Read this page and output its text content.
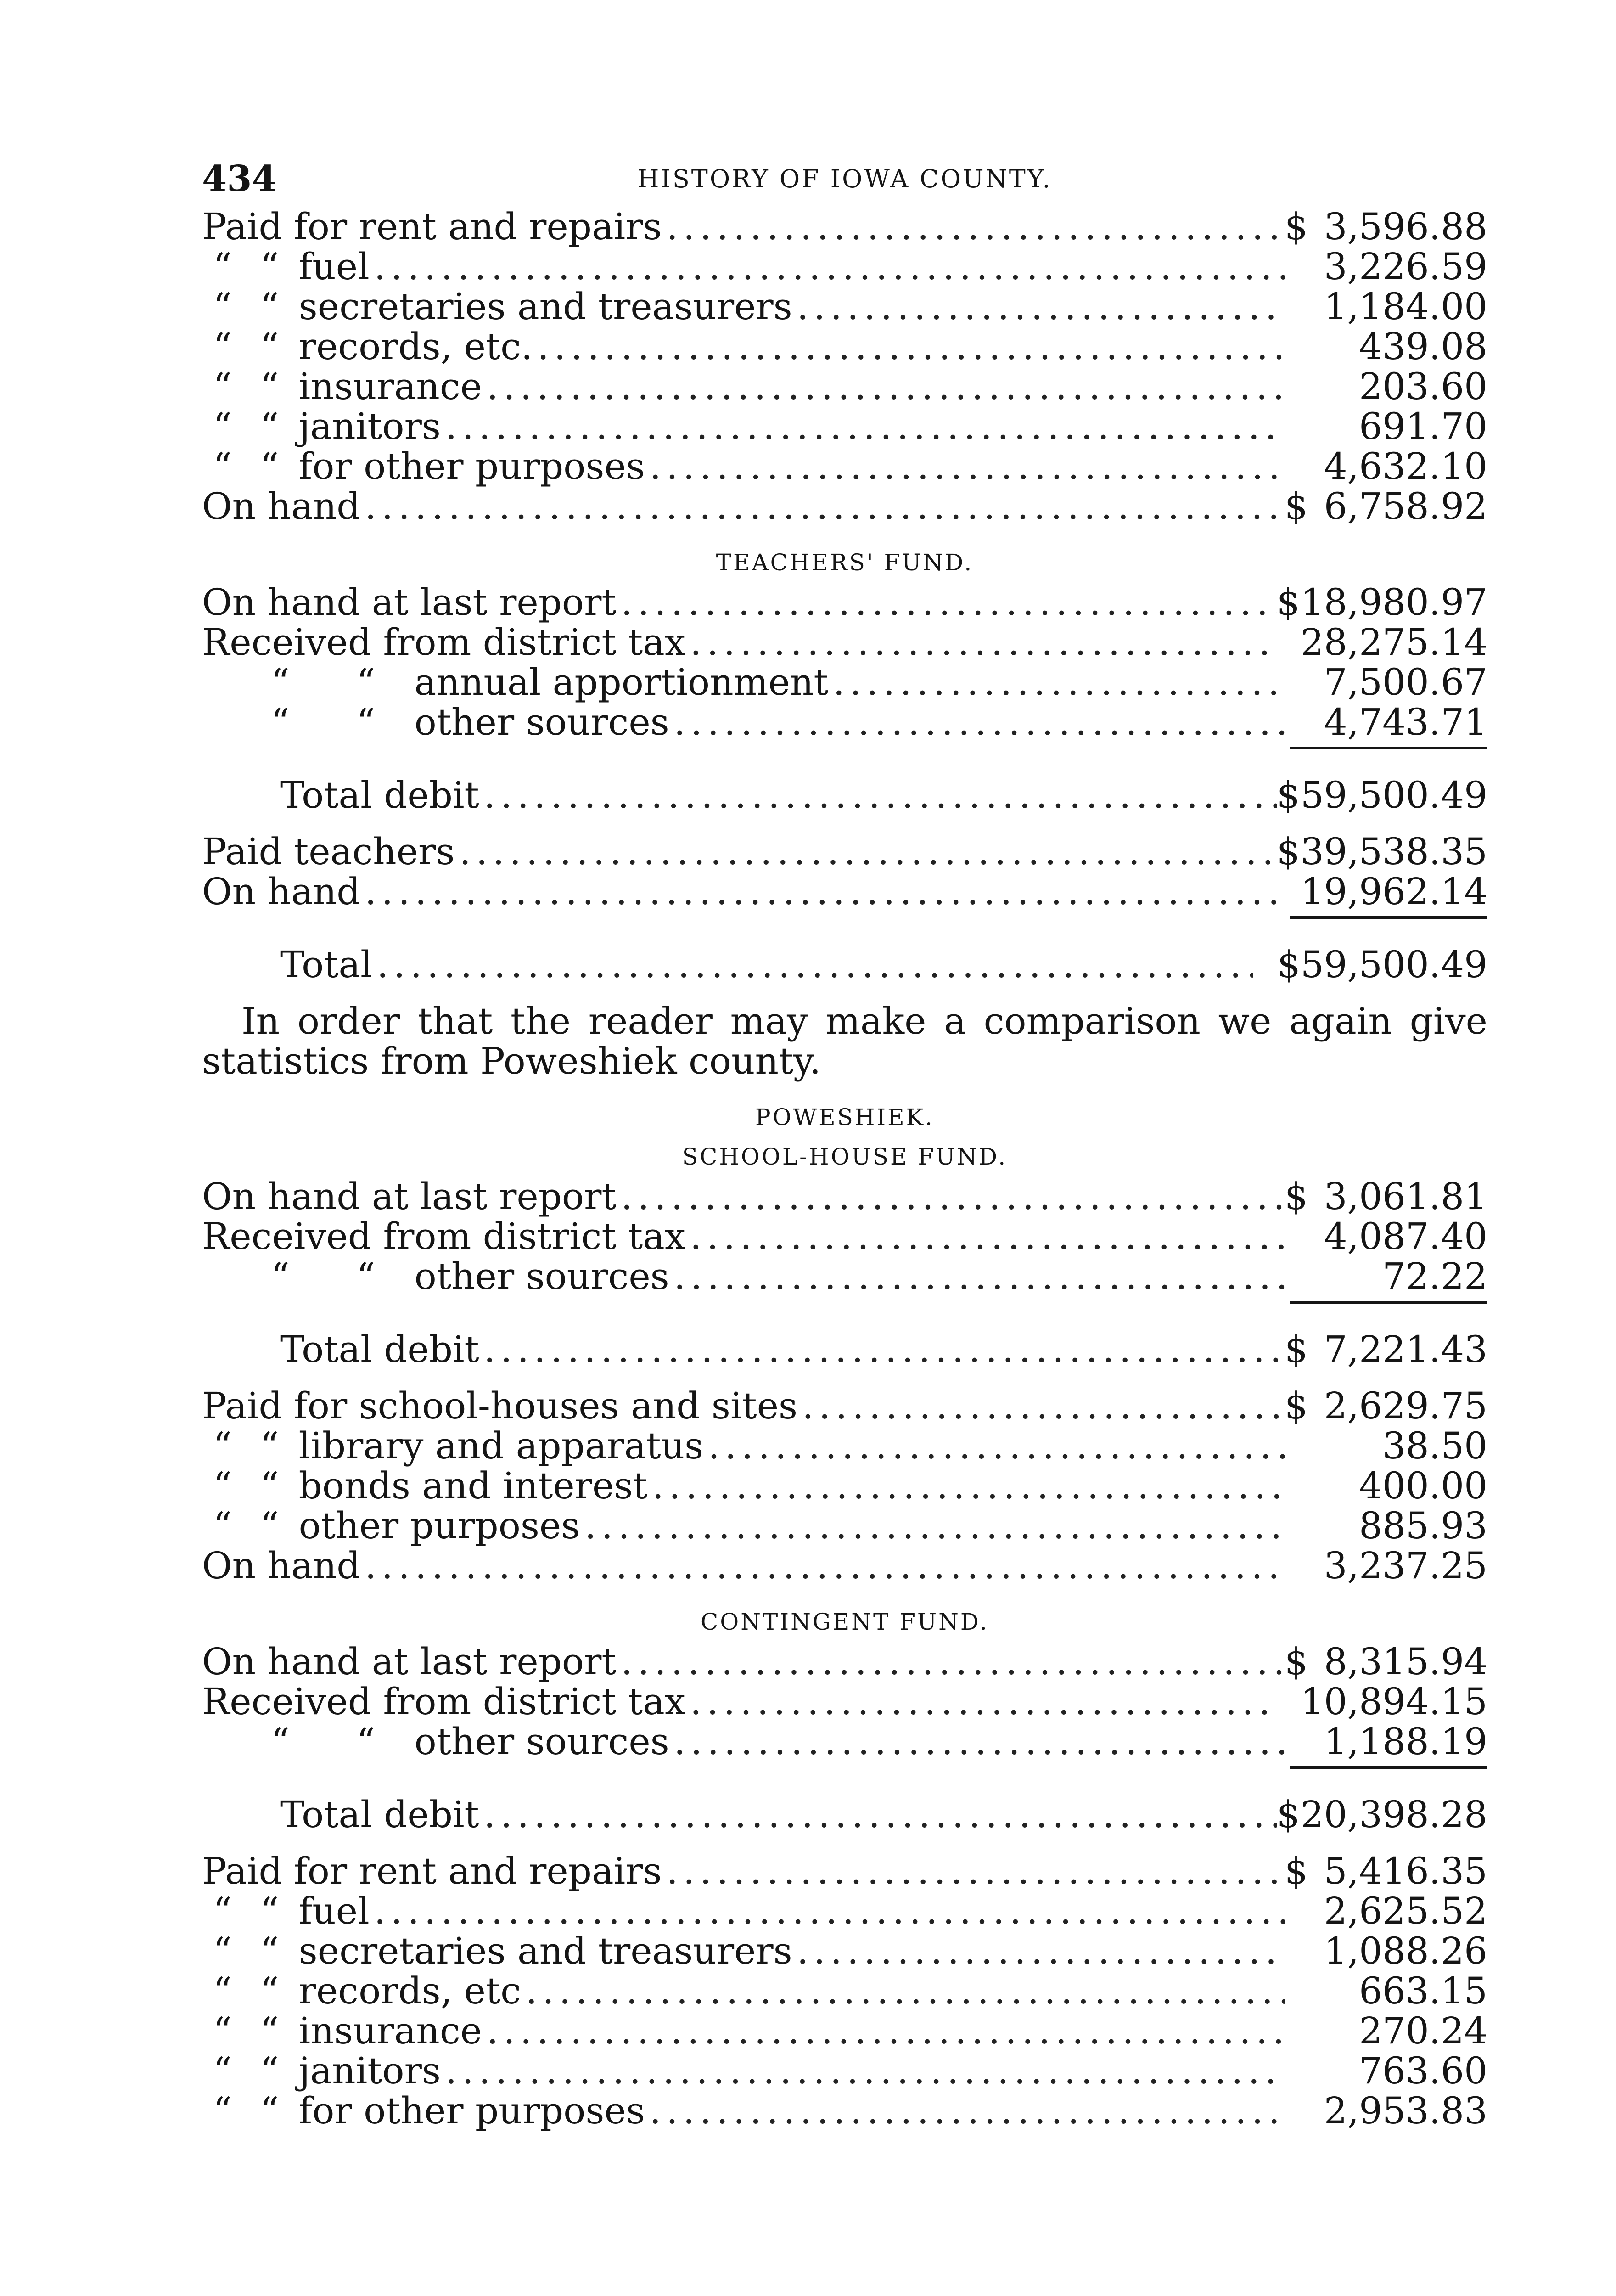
434	HISTORY OF IOWA COUNTY.
Paid for rent and repairs .....	$ 3,596.88
“ “ fuel .....	3,226.59
“ “ secretaries and treasurers .....	1,184.00
“ “ records, etc. .....	439.08
“ “ insurance .....	203.60
“ “ janitors .....	691.70
“ “ for other purposes .....	4,632.10
On hand .....	$ 6,758.92
TEACHERS' FUND.
On hand at last report .....	$ 18,980.97
Received from district tax .....	28,275.14
“ “ annual apportionment .....	7,500.67
“ “ other sources .....	4,743.71
Total debit .....	$ 59,500.49
Paid teachers .....	$ 39,538.35
On hand .....	19,962.14
Total .....	$59,500.49

In order that the reader may make a comparison we again give statistics from Poweshiek county.

POWESHIEK.
SCHOOL-HOUSE FUND.
On hand at last report .....	$ 3,061.81
Received from district tax .....	4,087.40
“ “ other sources .....	72.22
Total debit .....	$ 7,221.43
Paid for school-houses and sites .....	$ 2,629.75
“ “ library and apparatus .....	38.50
“ “ bonds and interest .....	400.00
“ “ other purposes .....	885.93
On hand .....	3,237.25
CONTINGENT FUND.
On hand at last report .....	$ 8,315.94
Received from district tax .....	10,894.15
“ “ other sources .....	1,188.19
Total debit .....	$ 20,398.28
Paid for rent and repairs .....	$ 5,416.35
“ “ fuel .....	2,625.52
“ “ secretaries and treasurers .....	1,088.26
“ “ records, etc .....	663.15
“ “ insurance .....	270.24
“ “ janitors .....	763.60
“ “ for other purposes .....	2,953.83
